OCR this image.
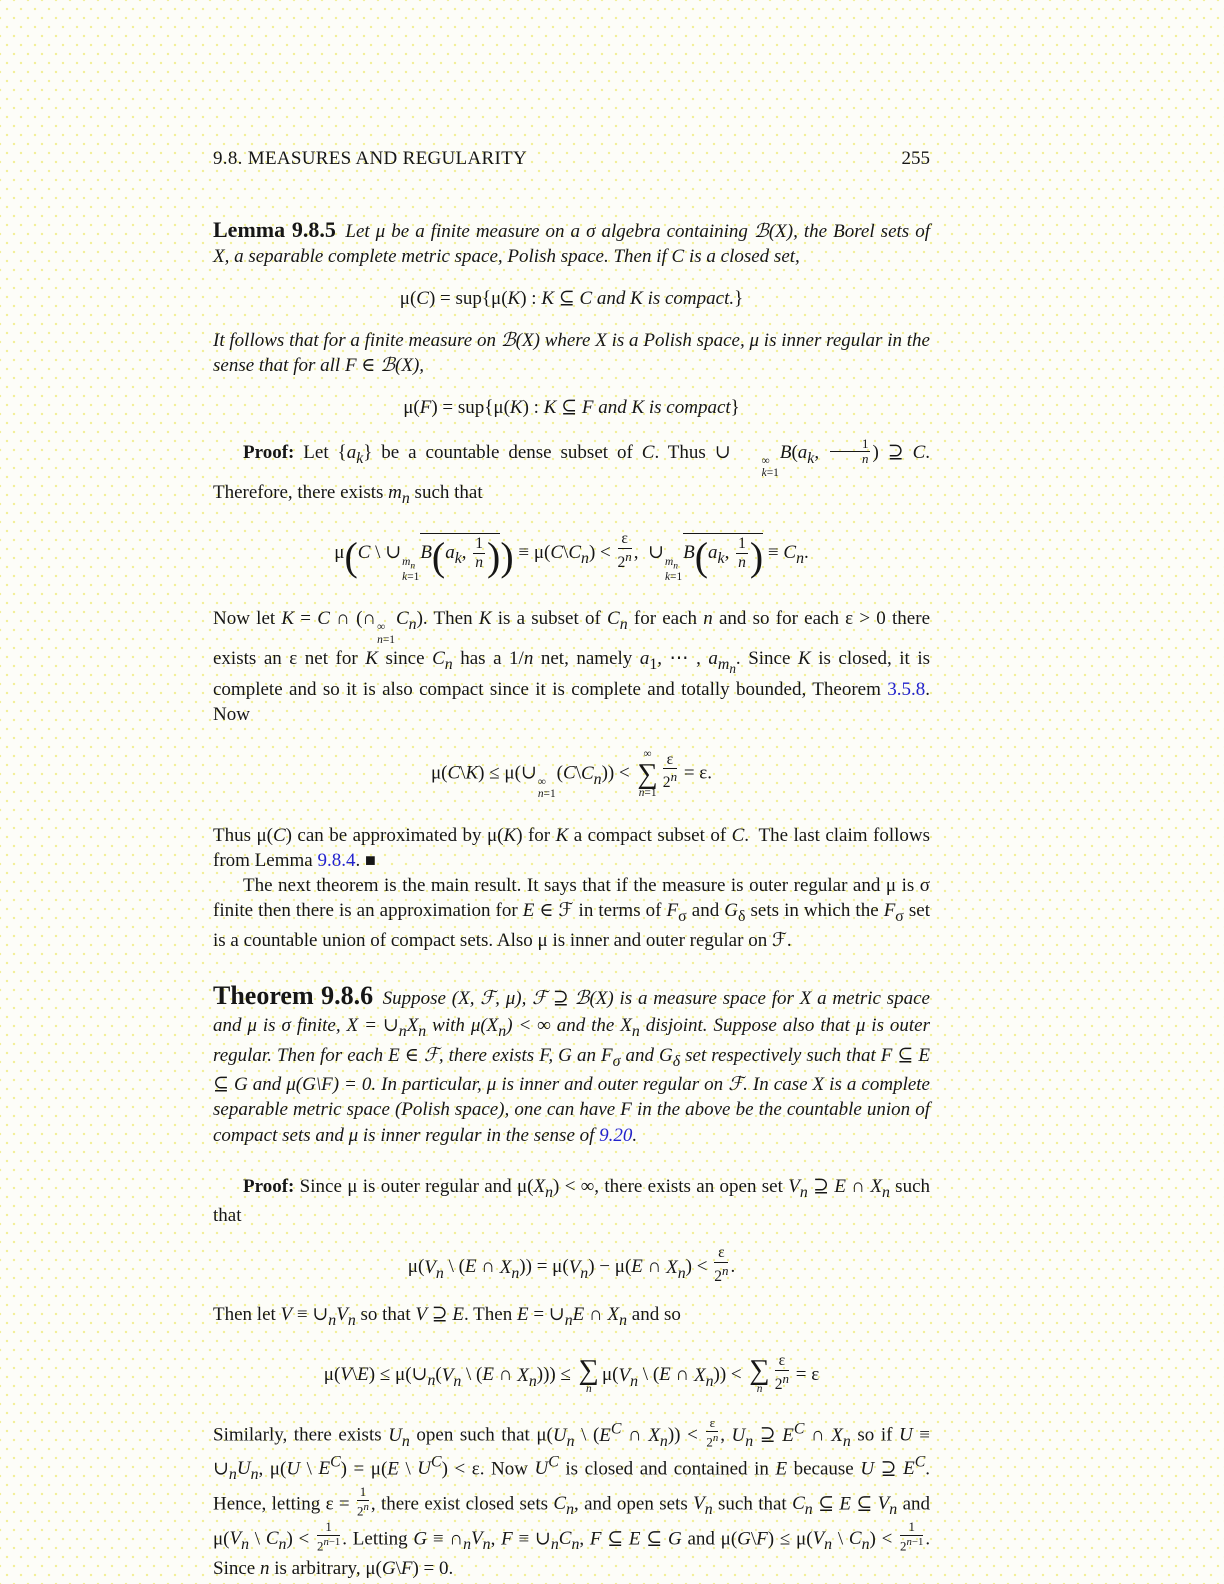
9.8. MEASURES AND REGULARITY	255

Lemma 9.8.5  Let μ be a finite measure on a σ algebra containing ℬ(X), the Borel sets of X, a separable complete metric space, Polish space. Then if C is a closed set,

μ(C) = sup{μ(K) : K ⊆ C and K is compact.}

It follows that for a finite measure on ℬ(X) where X is a Polish space, μ is inner regular in the sense that for all F ∈ ℬ(X),

μ(F) = sup{μ(K) : K ⊆ F and K is compact}

Proof: Let $\{a_k\}$ be a countable dense subset of C. Thus ∪	∞
k=1
$B(a_k$, $\frac{1}{n}$ ) ⊇ C. Therefore, there exists $m_n$ such that

μ(C \ ∪ $m_n$
k=1
$B(a_k$, $\frac{1}{n}$ )) ≡ $\mu(C\backslash C_n) < \frac{\varepsilon}{2^n}$ , ∪ $m_n$
k=1
$B(a_k$, $\frac{1}{n}$ ) ≡ $C_n$.

Now let K = C ∩ (∩ ∞
n=1
$C_n$). Then K is a subset of $C_n$ for each n and so for each ε > 0 there exists an ε net for K since $C_n$ has a 1/n net, namely $a_1$, ⋯ , $a_{m_n}$. Since K is closed, it is complete and so it is also compact since it is complete and totally bounded, Theorem 3.5.8. Now

μ(C\K) ≤ μ(∪ ∞
n=1
$(C\backslash C_n)$) <
∞
∑
n=1
$\frac{\varepsilon}{2^n} = \varepsilon$.

Thus μ(C) can be approximated by μ(K) for K a compact subset of C. The last claim follows from Lemma 9.8.4. ■

The next theorem is the main result. It says that if the measure is outer regular and μ is σ finite then there is an approximation for E ∈ ℱ in terms of $F_\sigma$ and $G_\delta$ sets in which the $F_\sigma$ set is a countable union of compact sets. Also μ is inner and outer regular on ℱ.

Theorem 9.8.6  Suppose (X, ℱ, μ), ℱ ⊇ ℬ(X) is a measure space for X a metric space and μ is σ finite, $X = \cup_nX_n$ with $\mu(X_n)$ < ∞ and the $X_n$ disjoint. Suppose also that μ is outer regular. Then for each E ∈ ℱ, there exists F, G an $F_\sigma$ and $G_\delta$ set respectively such that F ⊆ E ⊆ G and μ(G\F) = 0. In particular, μ is inner and outer regular on ℱ. In case X is a complete separable metric space (Polish space), one can have F in the above be the countable union of compact sets and μ is inner regular in the sense of 9.20.

Proof: Since μ is outer regular and $\mu(X_n)$ < ∞, there exists an open set $V_n$ ⊇ E ∩ $X_n$ such that

$\mu(V_n$ \ (E ∩ $X_n)) = \mu(V_n) - \mu(E$ ∩ $X_n) < \frac{\varepsilon}{2^n}$ .

Then let $V \equiv \cup_nV_n$ so that V ⊇ E. Then $E = \cup_nE$ ∩ $X_n$ and so

μ(V\E) ≤ $\mu(\cup_n(V_n$ \ (E ∩ $X_n$))) ≤ ∑
n
$\mu(V_n$ \ (E ∩ $X_n$)) < ∑
n $\frac{\varepsilon}{2^n} = \varepsilon$

Similarly, there exists $U_n$ open such that $\mu(U_n$ \ ($E^C$ ∩ $X_n)) < \frac{\varepsilon}{2^n}$ , $U_n$ ⊇ $E^C$ ∩ $X_n$ so if $U \equiv \cup_nU_n$, μ(U \ $E^C) = \mu(E$ \ $U^C) < \varepsilon$. Now $U^C$ is closed and contained in E because U ⊇ $E^C$. Hence, letting $\varepsilon = \frac{1}{2^n}$ , there exist closed sets $C_n$, and open sets $V_n$ such that $C_n$ ⊆ E ⊆ $V_n$ and $\mu(V_n$ \ $C_n) < \frac{1}{2^{n-1}}$ . Letting $G \equiv \cap_nV_n$, $F \equiv \cup_nC_n$, F ⊆ E ⊆ G and μ(G\F) ≤ $\mu(V_n$ \ $C_n) < \frac{1}{2^{n-1}}$ . Since n is arbitrary, μ(G\F) = 0.
